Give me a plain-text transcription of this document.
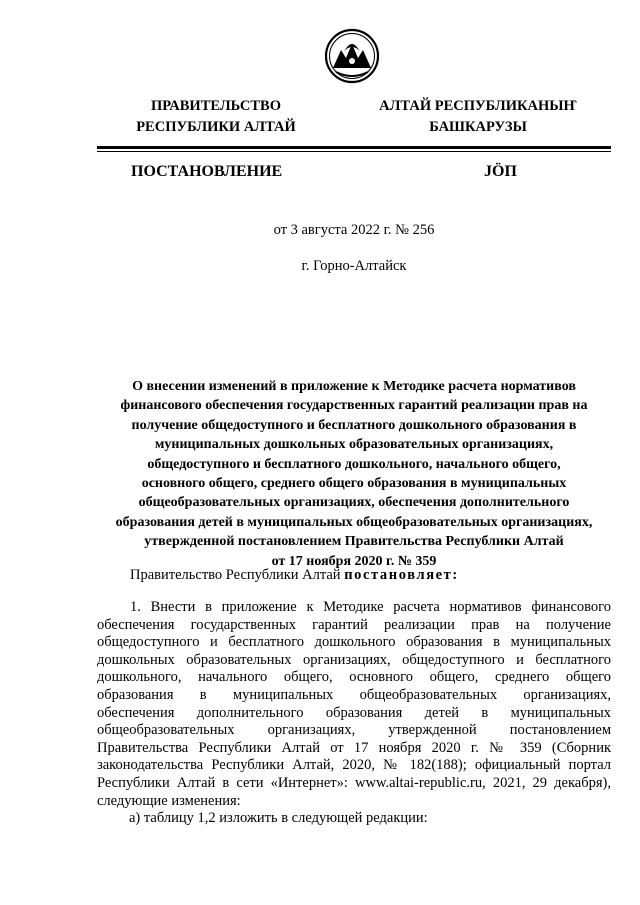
ПРАВИТЕЛЬСТВО
РЕСПУБЛИКИ АЛТАЙ
АЛТАЙ РЕСПУБЛИКАНЫҤ
БАШКАРУЗЫ
ПОСТАНОВЛЕНИЕ	JӦП
от 3 августа 2022 г. № 256
г. Горно-Алтайск
О внесении изменений в приложение к Методике расчета нормативов
финансового обеспечения государственных гарантий реализации прав на
получение общедоступного и бесплатного дошкольного образования в
муниципальных дошкольных образовательных организациях,
общедоступного и бесплатного дошкольного, начального общего,
основного общего, среднего общего образования в муниципальных
общеобразовательных организациях, обеспечения дополнительного
образования детей в муниципальных общеобразовательных организациях,
утвержденной постановлением Правительства Республики Алтай
от 17 ноября 2020 г. № 359
Правительство Республики Алтай постановляет:
1. Внести в приложение к Методике расчета нормативов финансового
обеспечения государственных гарантий реализации прав на получение
общедоступного и бесплатного дошкольного образования в муниципальных
дошкольных образовательных организациях, общедоступного и бесплатного
дошкольного, начального общего, основного общего, среднего общего
образования в муниципальных общеобразовательных организациях,
обеспечения дополнительного образования детей в муниципальных
общеобразовательных организациях, утвержденной постановлением
Правительства Республики Алтай от 17 ноября 2020 г. № 359 (Сборник
законодательства Республики Алтай, 2020, № 182(188); официальный портал
Республики Алтай в сети «Интернет»: www.altai-republic.ru, 2021, 29 декабря),
следующие изменения:
а) таблицу 1,2 изложить в следующей редакции:
